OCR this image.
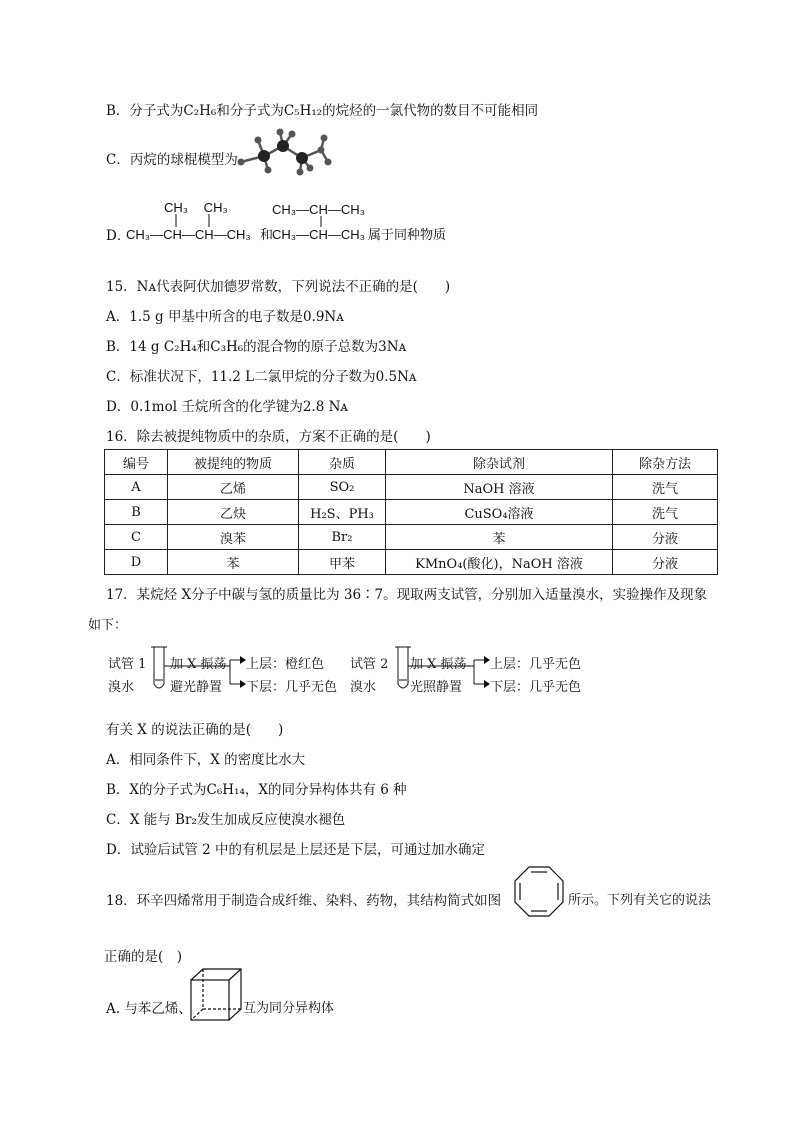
B．分子式为C₂H₆和分子式为C₅H₁₂的烷烃的一氯代物的数目不可能相同
C．丙烷的球棍模型为
D．
CH₃ CH₃
CH₃—CH—CH—CH₃ 和
CH₃—CH—CH₃
CH₃—CH—CH₃ 属于同种物质
15．Nᴀ代表阿伏加德罗常数，下列说法不正确的是(　　)
A．1.5 g 甲基中所含的电子数是0.9Nᴀ
B．14 g C₂H₄和C₃H₆的混合物的原子总数为3Nᴀ
C．标准状况下，11.2 L二氯甲烷的分子数为0.5Nᴀ
D．0.1mol 壬烷所含的化学键为2.8 Nᴀ
16．除去被提纯物质中的杂质，方案不正确的是(　　)
编号	被提纯的物质	杂质	除杂试剂	除杂方法
A	乙烯	SO₂	NaOH 溶液	洗气
B	乙炔	H₂S、PH₃	CuSO₄溶液	洗气
C	溴苯	Br₂	苯	分液
D	苯	甲苯	KMnO₄(酸化)，NaOH 溶液	分液
17．某烷烃 X分子中碳与氢的质量比为 36∶7。现取两支试管，分别加入适量溴水，实验操作及现象
如下：
试管 1
溴水
加 X 振荡
避光静置
上层：橙红色
下层：几乎无色
试管 2
溴水
加 X 振荡
光照静置
上层：几乎无色
下层：几乎无色
有关 X 的说法正确的是(　　)
A．相同条件下，X 的密度比水大
B．X的分子式为C₆H₁₄，X的同分异构体共有 6 种
C．X 能与 Br₂发生加成反应使溴水褪色
D．试验后试管 2 中的有机层是上层还是下层，可通过加水确定
18．环辛四烯常用于制造合成纤维、染料、药物，其结构简式如图	所示。下列有关它的说法
正确的是(　)
A. 与苯乙烯、	互为同分异构体
